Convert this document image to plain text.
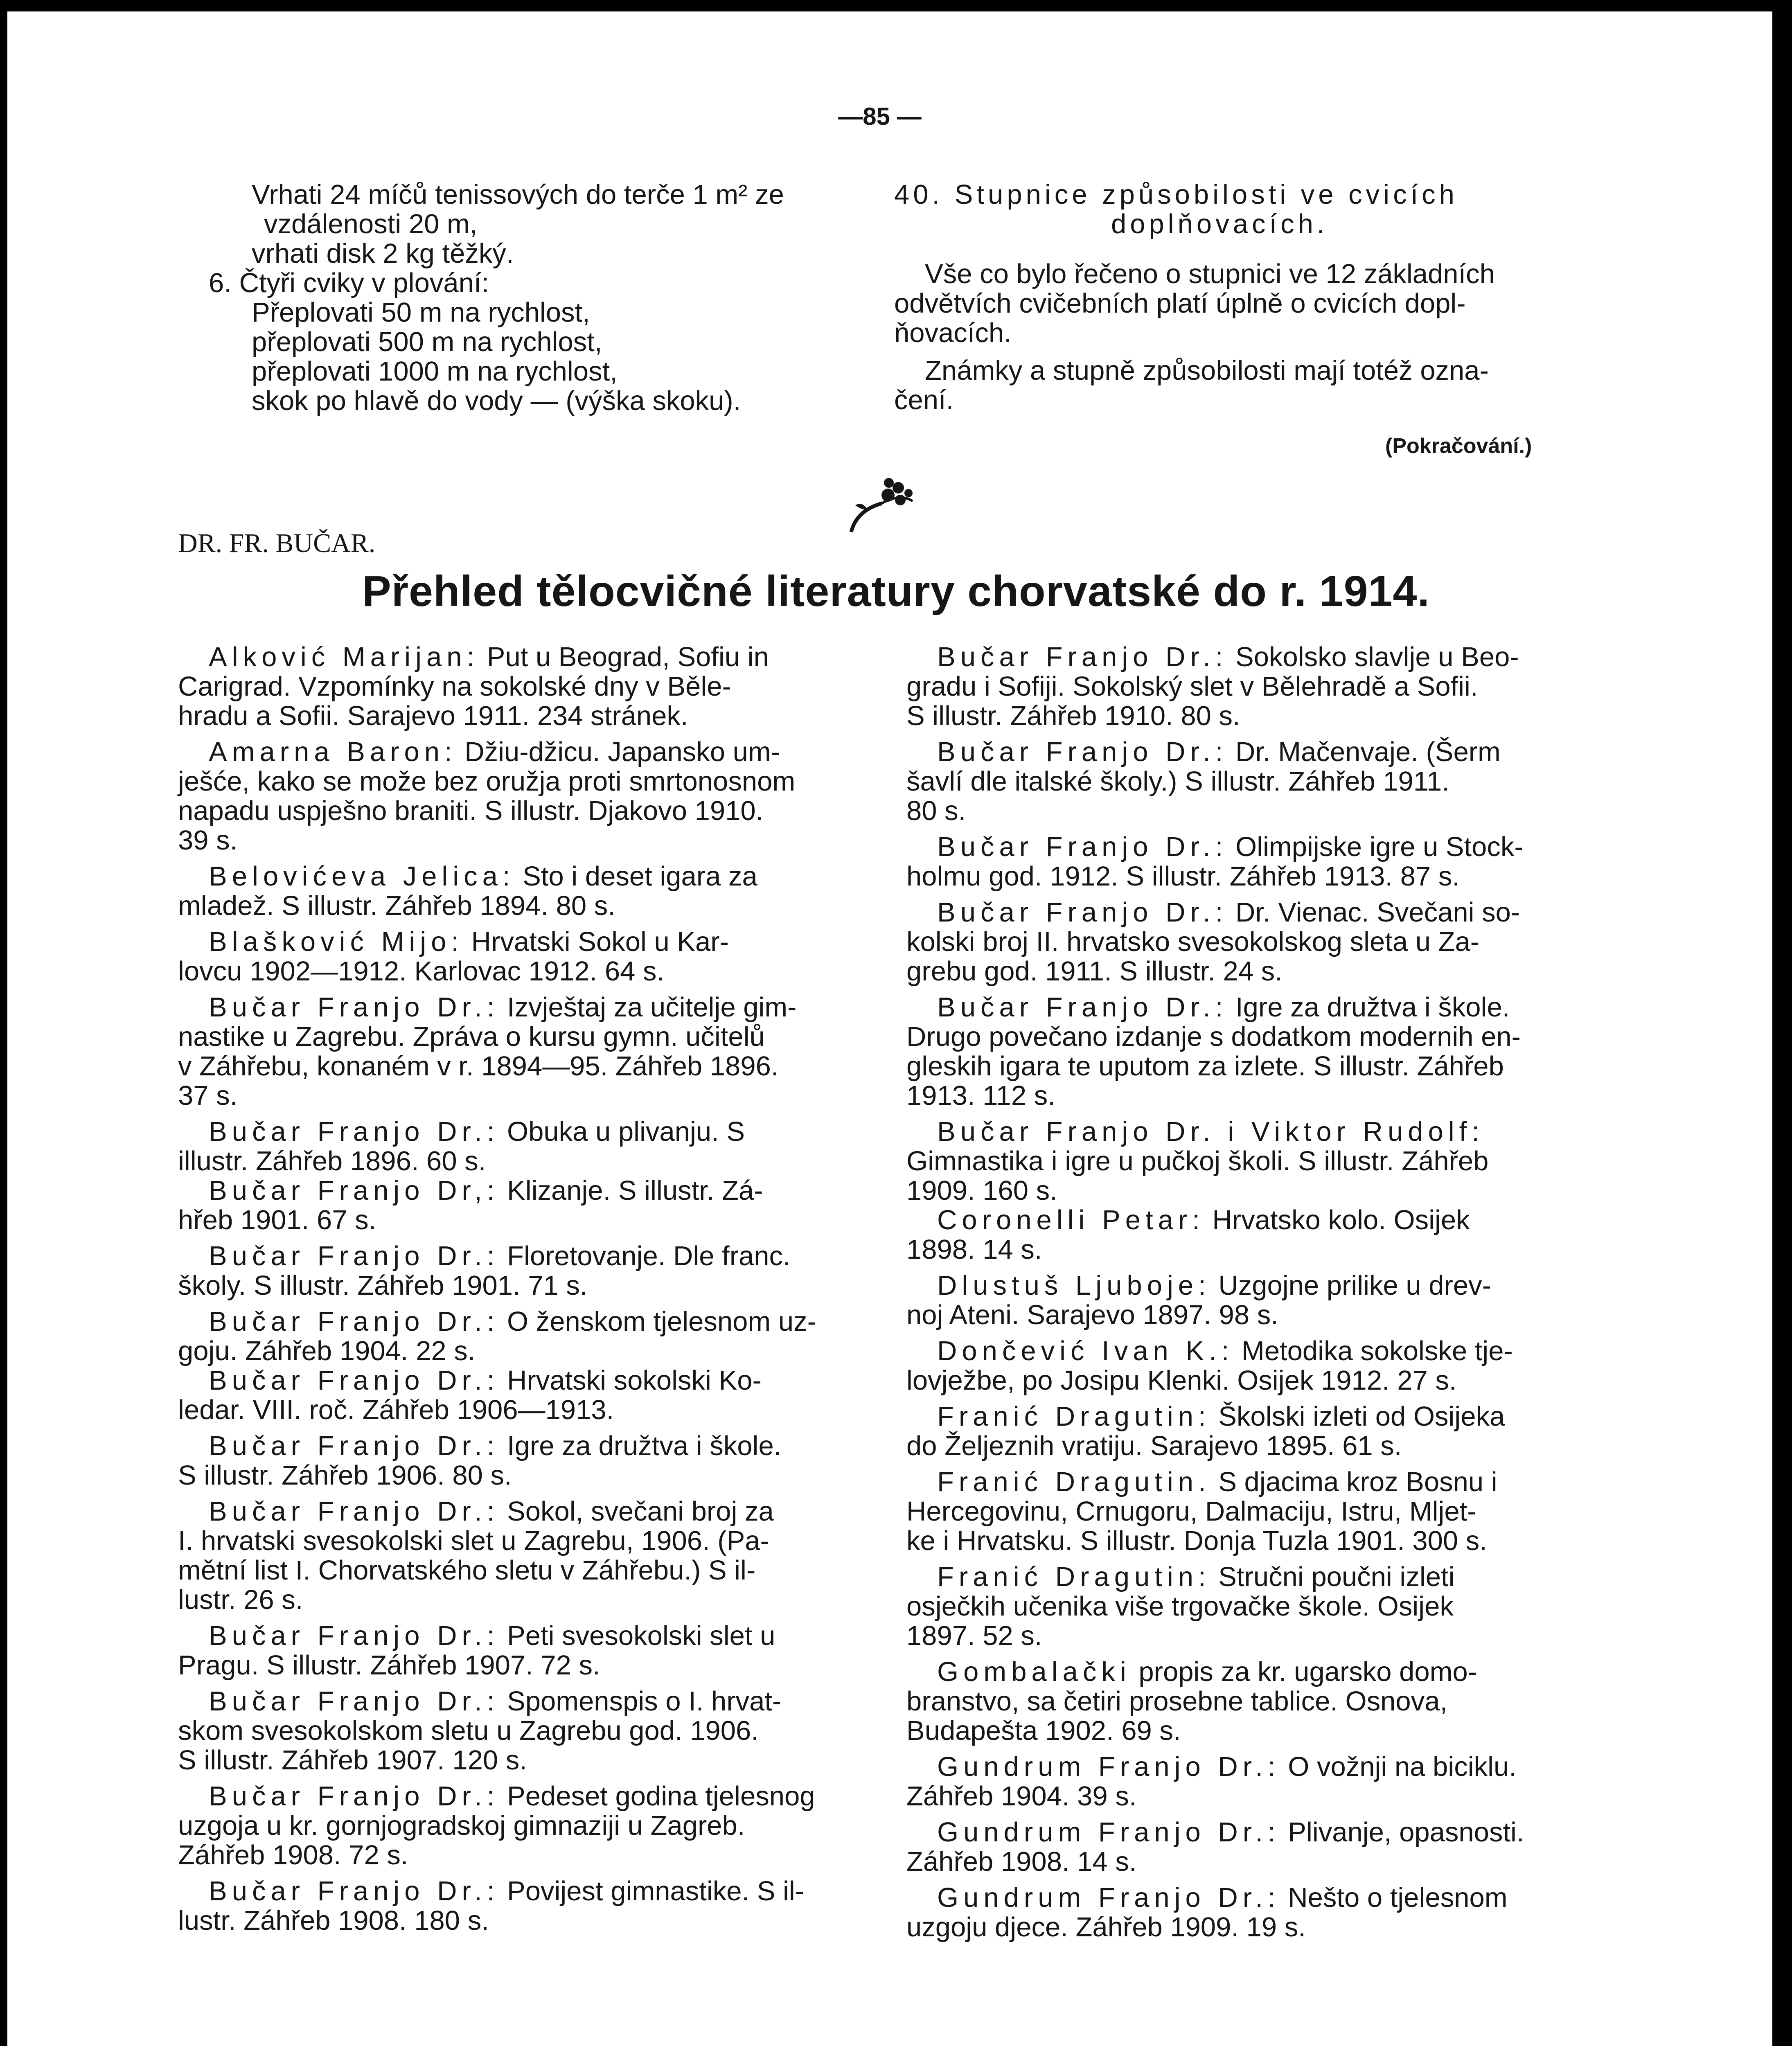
—85 —
Vrhati 24 míčů tenissových do terče 1 m² ze
vzdálenosti 20 m,
vrhati disk 2 kg těžký.
6. Čtyři cviky v plování:
Přeplovati 50 m na rychlost,
přeplovati 500 m na rychlost,
přeplovati 1000 m na rychlost,
skok po hlavě do vody — (výška skoku).
40. Stupnice způsobilosti ve cvicích
doplňovacích.
Vše co bylo řečeno o stupnici ve 12 základních
odvětvích cvičebních platí úplně o cvicích dopl-
ňovacích.
Známky a stupně způsobilosti mají totéž ozna-
čení.
(Pokračování.)
DR. FR. BUČAR.
Přehled tělocvičné literatury chorvatské do r. 1914.
Alković Marijan: Put u Beograd, Sofiu in
Carigrad. Vzpomínky na sokolské dny v Běle-
hradu a Sofii. Sarajevo 1911. 234 stránek.
Amarna Baron: Džiu-džicu. Japansko um-
ješće, kako se može bez oružja proti smrtonosnom
napadu uspješno braniti. S illustr. Djakovo 1910.
39 s.
Belovićeva Jelica: Sto i deset igara za
mladež. S illustr. Záhřeb 1894. 80 s.
Blašković Mijo: Hrvatski Sokol u Kar-
lovcu 1902—1912. Karlovac 1912. 64 s.
Bučar Franjo Dr.: Izvještaj za učitelje gim-
nastike u Zagrebu. Zpráva o kursu gymn. učitelů
v Záhřebu, konaném v r. 1894—95. Záhřeb 1896.
37 s.
Bučar Franjo Dr.: Obuka u plivanju. S
illustr. Záhřeb 1896. 60 s.
Bučar Franjo Dr,: Klizanje. S illustr. Zá-
hřeb 1901. 67 s.
Bučar Franjo Dr.: Floretovanje. Dle franc.
školy. S illustr. Záhřeb 1901. 71 s.
Bučar Franjo Dr.: O ženskom tjelesnom uz-
goju. Záhřeb 1904. 22 s.
Bučar Franjo Dr.: Hrvatski sokolski Ko-
ledar. VIII. roč. Záhřeb 1906—1913.
Bučar Franjo Dr.: Igre za družtva i škole.
S illustr. Záhřeb 1906. 80 s.
Bučar Franjo Dr.: Sokol, svečani broj za
I. hrvatski svesokolski slet u Zagrebu, 1906. (Pa-
mětní list I. Chorvatského sletu v Záhřebu.) S il-
lustr. 26 s.
Bučar Franjo Dr.: Peti svesokolski slet u
Pragu. S illustr. Záhřeb 1907. 72 s.
Bučar Franjo Dr.: Spomenspis o I. hrvat-
skom svesokolskom sletu u Zagrebu god. 1906.
S illustr. Záhřeb 1907. 120 s.
Bučar Franjo Dr.: Pedeset godina tjelesnog
uzgoja u kr. gornjogradskoj gimnaziji u Zagreb.
Záhřeb 1908. 72 s.
Bučar Franjo Dr.: Povijest gimnastike. S il-
lustr. Záhřeb 1908. 180 s.
Bučar Franjo Dr.: Sokolsko slavlje u Beo-
gradu i Sofiji. Sokolský slet v Bělehradě a Sofii.
S illustr. Záhřeb 1910. 80 s.
Bučar Franjo Dr.: Dr. Mačenvaje. (Šerm
šavlí dle italské školy.) S illustr. Záhřeb 1911.
80 s.
Bučar Franjo Dr.: Olimpijske igre u Stock-
holmu god. 1912. S illustr. Záhřeb 1913. 87 s.
Bučar Franjo Dr.: Dr. Vienac. Svečani so-
kolski broj II. hrvatsko svesokolskog sleta u Za-
grebu god. 1911. S illustr. 24 s.
Bučar Franjo Dr.: Igre za družtva i škole.
Drugo povečano izdanje s dodatkom modernih en-
gleskih igara te uputom za izlete. S illustr. Záhřeb
1913. 112 s.
Bučar Franjo Dr. i Viktor Rudolf:
Gimnastika i igre u pučkoj školi. S illustr. Záhřeb
1909. 160 s.
Coronelli Petar: Hrvatsko kolo. Osijek
1898. 14 s.
Dlustuš Ljuboje: Uzgojne prilike u drev-
noj Ateni. Sarajevo 1897. 98 s.
Dončević Ivan K.: Metodika sokolske tje-
lovježbe, po Josipu Klenki. Osijek 1912. 27 s.
Franić Dragutin: Školski izleti od Osijeka
do Željeznih vratiju. Sarajevo 1895. 61 s.
Franić Dragutin. S djacima kroz Bosnu i
Hercegovinu, Crnugoru, Dalmaciju, Istru, Mljet-
ke i Hrvatsku. S illustr. Donja Tuzla 1901. 300 s.
Franić Dragutin: Stručni poučni izleti
osječkih učenika više trgovačke škole. Osijek
1897. 52 s.
Gombalački propis za kr. ugarsko domo-
branstvo, sa četiri prosebne tablice. Osnova,
Budapešta 1902. 69 s.
Gundrum Franjo Dr.: O vožnji na biciklu.
Záhřeb 1904. 39 s.
Gundrum Franjo Dr.: Plivanje, opasnosti.
Záhřeb 1908. 14 s.
Gundrum Franjo Dr.: Nešto o tjelesnom
uzgoju djece. Záhřeb 1909. 19 s.
